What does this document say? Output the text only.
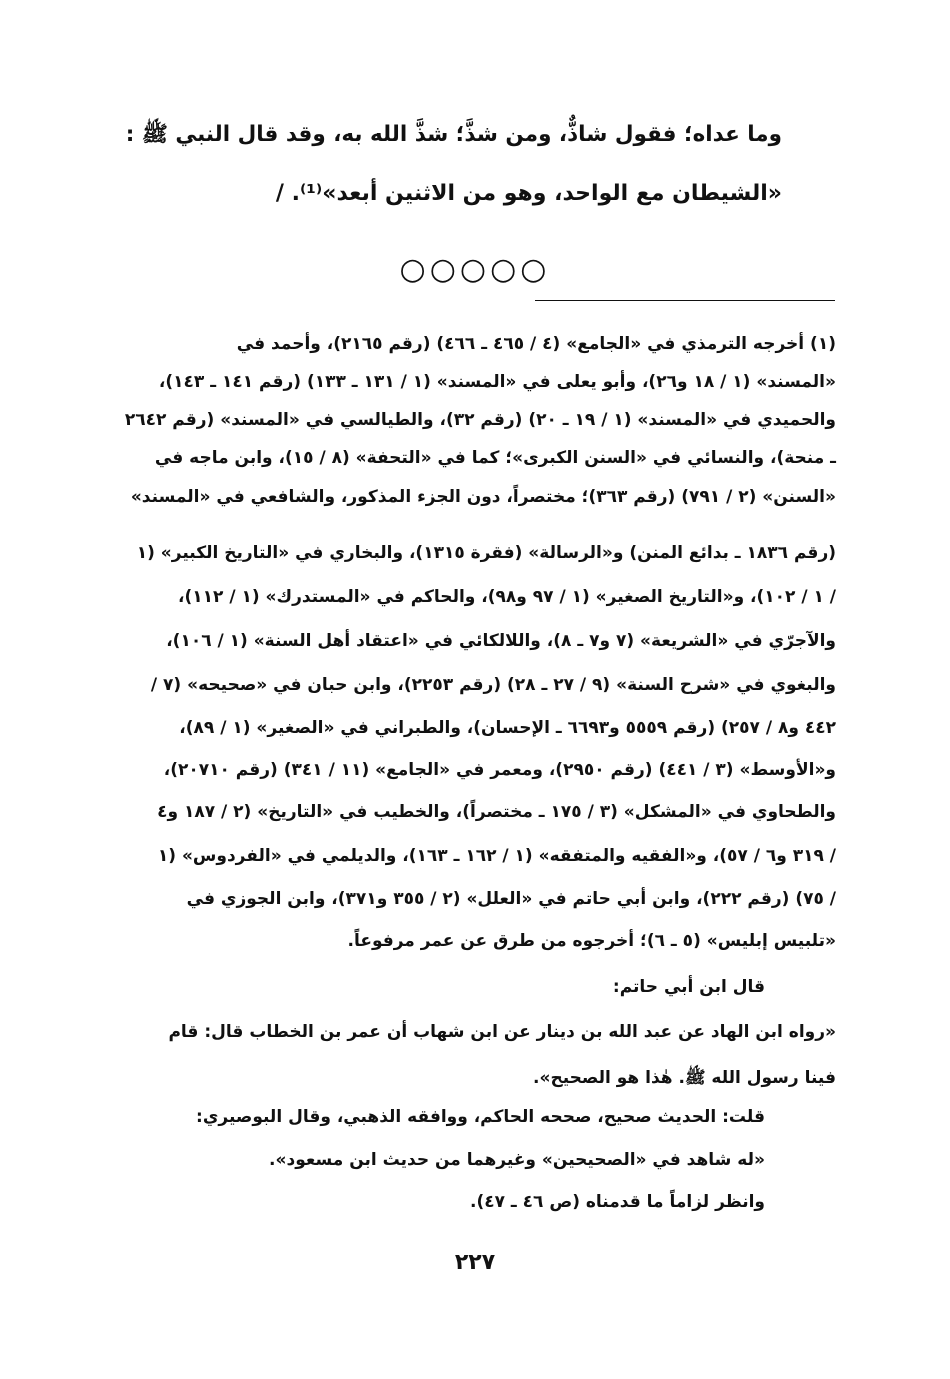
وما عداه؛ فقول شاذٌّ، ومن شذَّ؛ شذَّ الله به، وقد قال النبي ﷺ :
«الشيطان مع الواحد، وهو من الاثنين أبعد»⁽¹⁾. /
○○○○○
(١) أخرجه الترمذي في «الجامع» (٤ / ٤٦٥ ـ ٤٦٦) (رقم ٢١٦٥)، وأحمد في
«المسند» (١ / ١٨ و٢٦)، وأبو يعلى في «المسند» (١ / ١٣١ ـ ١٣٣) (رقم ١٤١ ـ ١٤٣)،
والحميدي في «المسند» (١ / ١٩ ـ ٢٠) (رقم ٣٢)، والطيالسي في «المسند» (رقم ٢٦٤٢
ـ منحة)، والنسائي في «السنن الكبرى»؛ كما في «التحفة» (٨ / ١٥)، وابن ماجه في
«السنن» (٢ / ٧٩١) (رقم ٣٦٣)؛ مختصراً، دون الجزء المذكور، والشافعي في «المسند»
(رقم ١٨٣٦ ـ بدائع المنن) و«الرسالة» (فقرة ١٣١٥)، والبخاري في «التاريخ الكبير» (١
/ ١ / ١٠٢)، و«التاريخ الصغير» (١ / ٩٧ و٩٨)، والحاكم في «المستدرك» (١ / ١١٢)،
والآجرّي في «الشريعة» (٧ و٧ ـ ٨)، واللالكائي في «اعتقاد أهل السنة» (١ / ١٠٦)،
والبغوي في «شرح السنة» (٩ / ٢٧ ـ ٢٨) (رقم ٢٢٥٣)، وابن حبان في «صحيحه» (٧ /
٤٤٢ و٨ / ٢٥٧) (رقم ٥٥٥٩ و٦٦٩٣ ـ الإحسان)، والطبراني في «الصغير» (١ / ٨٩)،
و«الأوسط» (٣ / ٤٤١) (رقم ٢٩٥٠)، ومعمر في «الجامع» (١١ / ٣٤١) (رقم ٢٠٧١٠)،
والطحاوي في «المشكل» (٣ / ١٧٥ ـ مختصراً)، والخطيب في «التاريخ» (٢ / ١٨٧ و٤
/ ٣١٩ و٦ / ٥٧)، و«الفقيه والمتفقه» (١ / ١٦٢ ـ ١٦٣)، والديلمي في «الفردوس» (١
/ ٧٥) (رقم ٢٢٢)، وابن أبي حاتم في «العلل» (٢ / ٣٥٥ و٣٧١)، وابن الجوزي في
«تلبيس إبليس» (٥ ـ ٦)؛ أخرجوه من طرق عن عمر مرفوعاً.
قال ابن أبي حاتم:
«رواه ابن الهاد عن عبد الله بن دينار عن ابن شهاب أن عمر بن الخطاب قال: قام
فينا رسول الله ﷺ. هٰذا هو الصحيح».
قلت: الحديث صحيح، صححه الحاكم، ووافقه الذهبي، وقال البوصيري:
«له شاهد في «الصحيحين» وغيرهما من حديث ابن مسعود».
وانظر لزاماً ما قدمناه (ص ٤٦ ـ ٤٧).
٢٢٧
